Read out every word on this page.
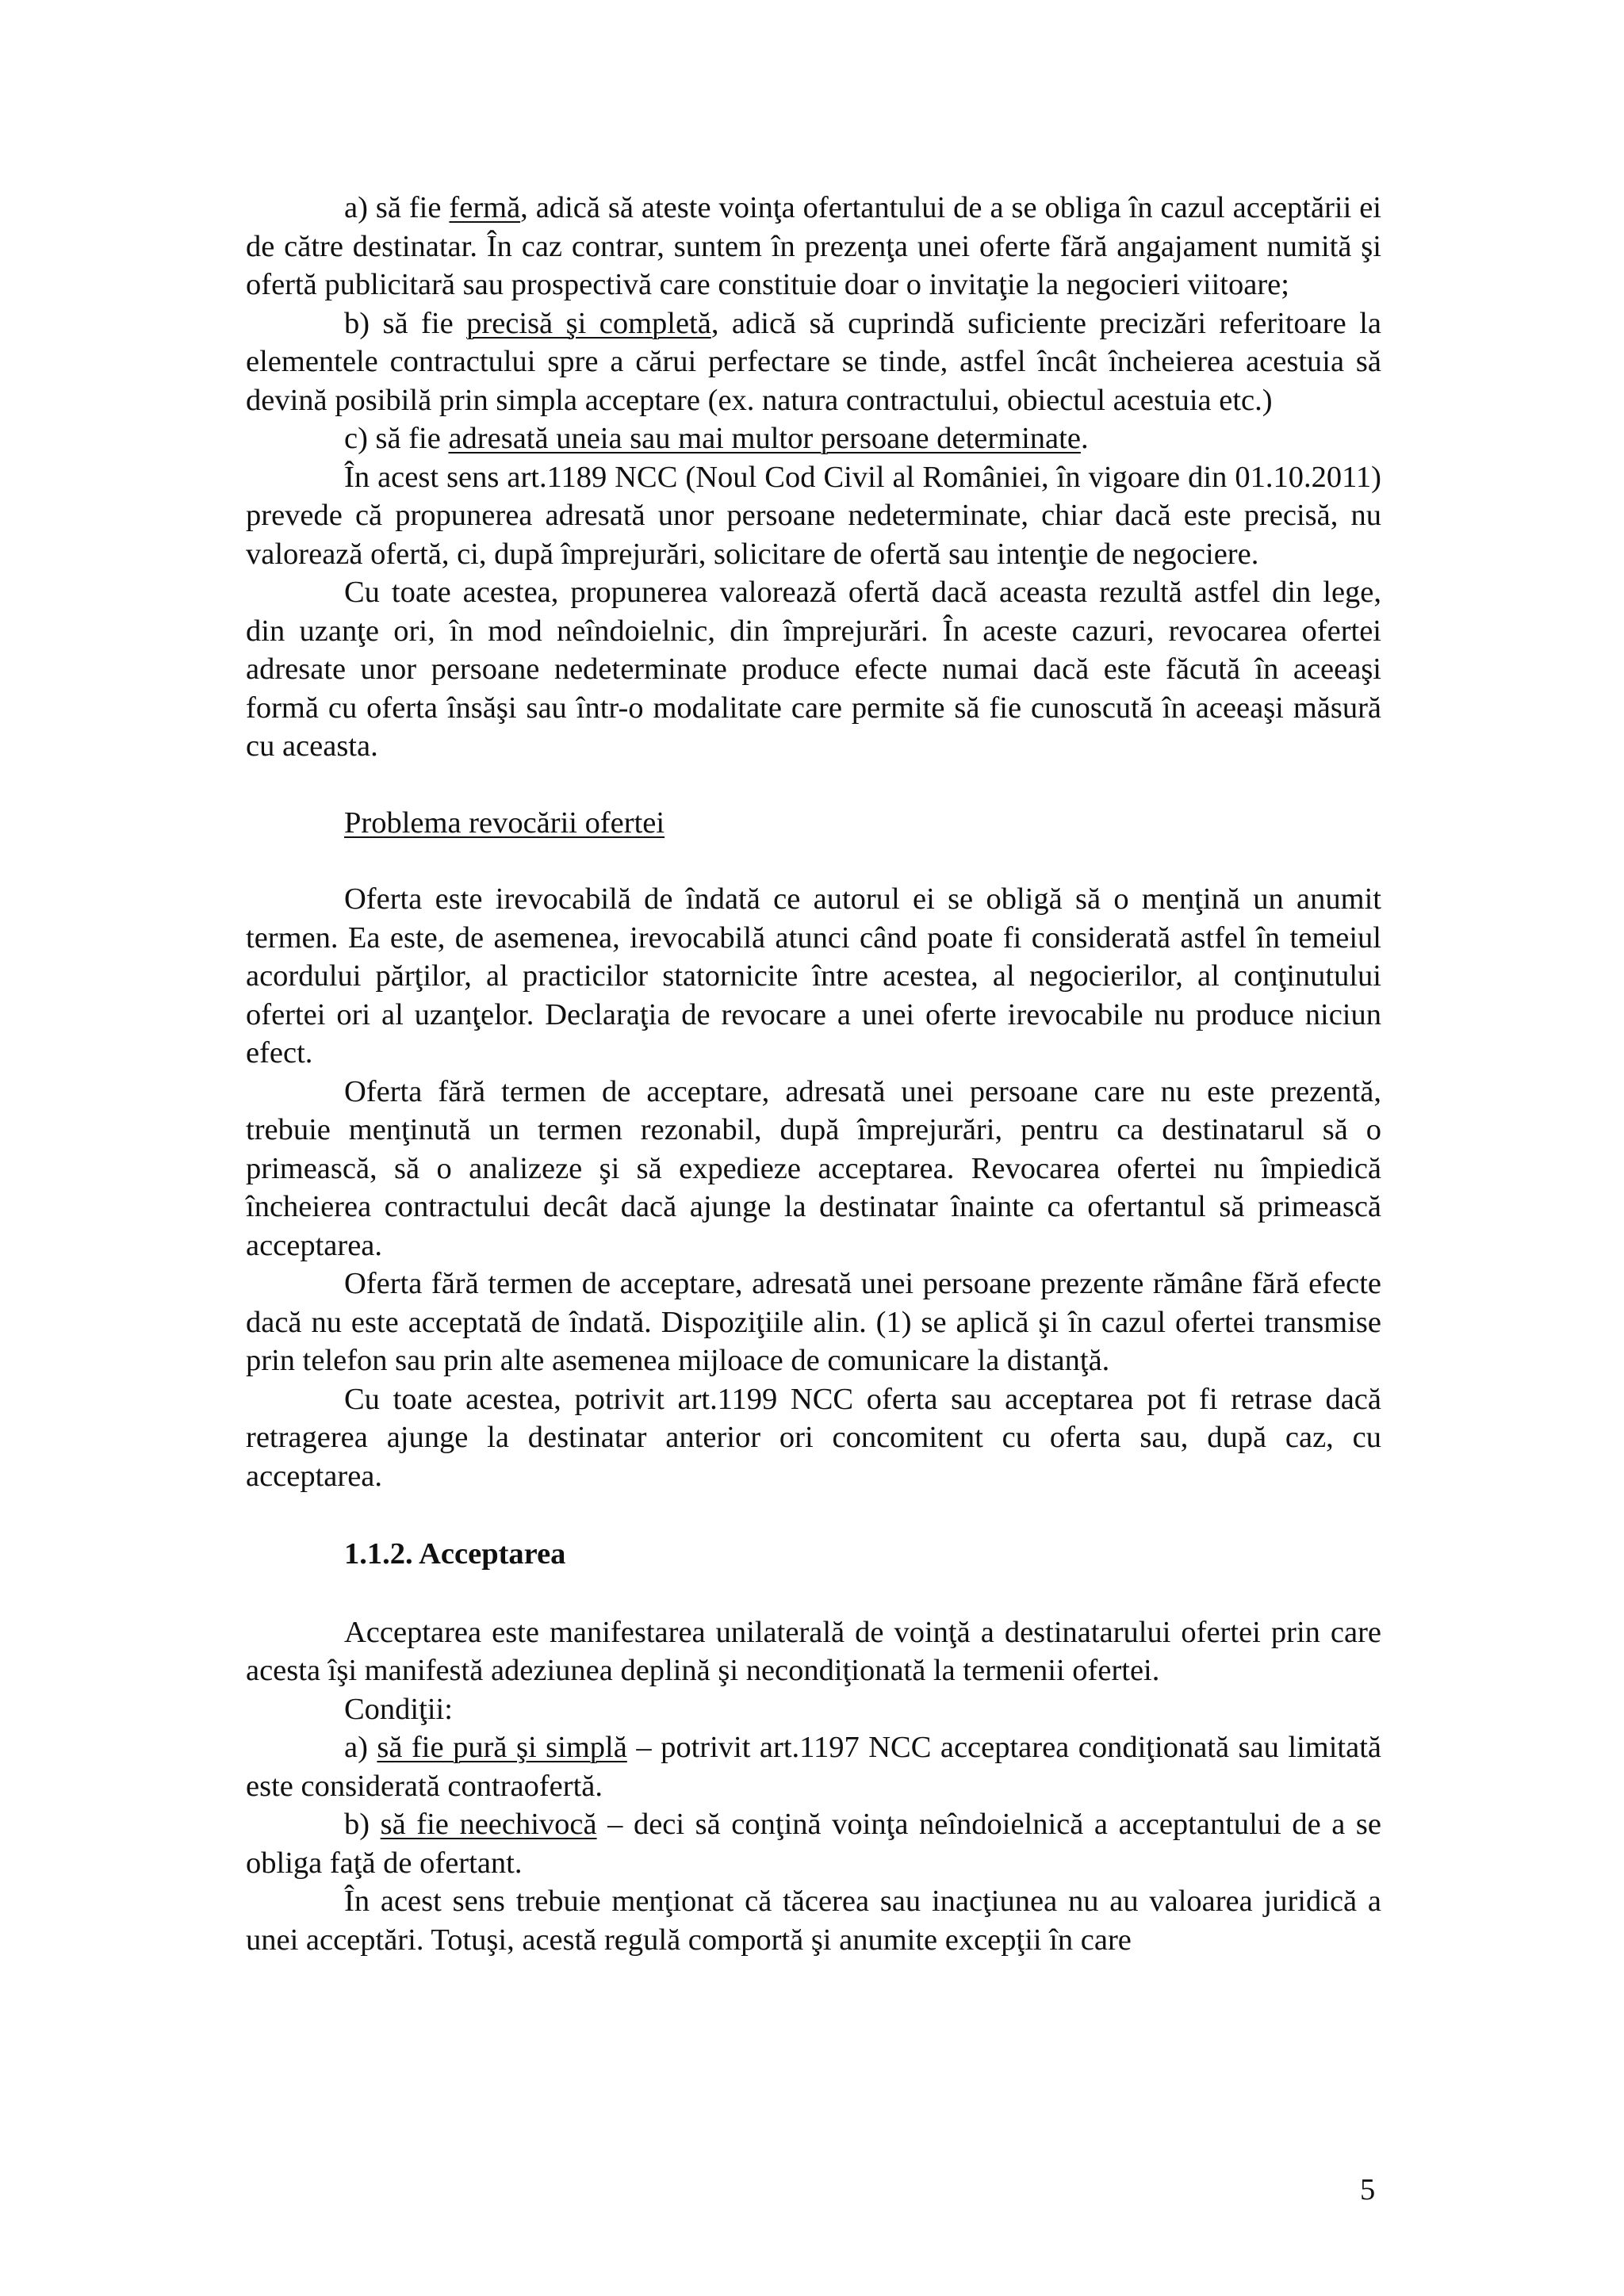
a) să fie fermă, adică să ateste voinţa ofertantului de a se obliga în cazul acceptării ei de către destinatar. În caz contrar, suntem în prezenţa unei oferte fără angajament numită şi ofertă publicitară sau prospectivă care constituie doar o invitaţie la negocieri viitoare;

b) să fie precisă şi completă, adică să cuprindă suficiente precizări referitoare la elementele contractului spre a cărui perfectare se tinde, astfel încât încheierea acestuia să devină posibilă prin simpla acceptare (ex. natura contractului, obiectul acestuia etc.)

c) să fie adresată uneia sau mai multor persoane determinate.

În acest sens art.1189 NCC (Noul Cod Civil al României, în vigoare din 01.10.2011) prevede că propunerea adresată unor persoane nedeterminate, chiar dacă este precisă, nu valorează ofertă, ci, după împrejurări, solicitare de ofertă sau intenţie de negociere.

Cu toate acestea, propunerea valorează ofertă dacă aceasta rezultă astfel din lege, din uzanţe ori, în mod neîndoielnic, din împrejurări. În aceste cazuri, revocarea ofertei adresate unor persoane nedeterminate produce efecte numai dacă este făcută în aceeaşi formă cu oferta însăşi sau într-o modalitate care permite să fie cunoscută în aceeaşi măsură cu aceasta.

Problema revocării ofertei

Oferta este irevocabilă de îndată ce autorul ei se obligă să o menţină un anumit termen. Ea este, de asemenea, irevocabilă atunci când poate fi considerată astfel în temeiul acordului părţilor, al practicilor statornicite între acestea, al negocierilor, al conţinutului ofertei ori al uzanţelor. Declaraţia de revocare a unei oferte irevocabile nu produce niciun efect.

Oferta fără termen de acceptare, adresată unei persoane care nu este prezentă, trebuie menţinută un termen rezonabil, după împrejurări, pentru ca destinatarul să o primească, să o analizeze şi să expedieze acceptarea. Revocarea ofertei nu împiedică încheierea contractului decât dacă ajunge la destinatar înainte ca ofertantul să primească acceptarea.

Oferta fără termen de acceptare, adresată unei persoane prezente rămâne fără efecte dacă nu este acceptată de îndată. Dispoziţiile alin. (1) se aplică şi în cazul ofertei transmise prin telefon sau prin alte asemenea mijloace de comunicare la distanţă.

Cu toate acestea, potrivit art.1199 NCC oferta sau acceptarea pot fi retrase dacă retragerea ajunge la destinatar anterior ori concomitent cu oferta sau, după caz, cu acceptarea.

1.1.2. Acceptarea

Acceptarea este manifestarea unilaterală de voinţă a destinatarului ofertei prin care acesta îşi manifestă adeziunea deplină şi necondiţionată la termenii ofertei.

Condiţii:

a) să fie pură şi simplă – potrivit art.1197 NCC acceptarea condiţionată sau limitată este considerată contraofertă.

b) să fie neechivocă – deci să conţină voinţa neîndoielnică a acceptantului de a se obliga faţă de ofertant.

În acest sens trebuie menţionat că tăcerea sau inacţiunea nu au valoarea juridică a unei acceptări. Totuşi, acestă regulă comportă şi anumite excepţii în care

5
